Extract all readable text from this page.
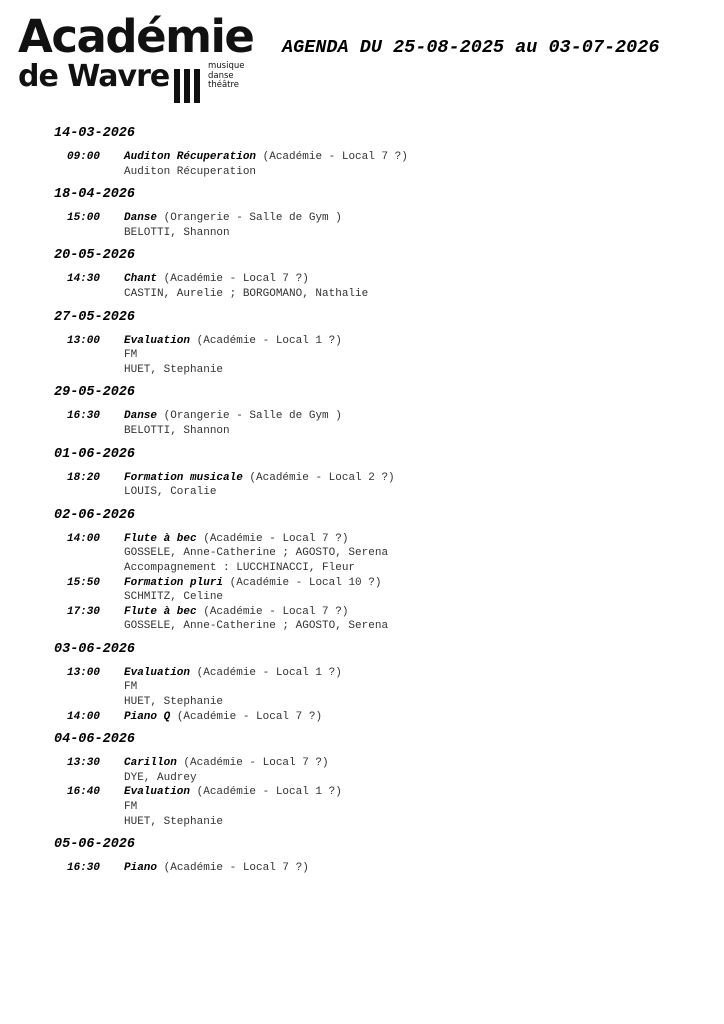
Académie
de Wavre	musique
danse
théâtre
AGENDA DU 25-08-2025 au 03-07-2026
14-03-2026
09:00	Auditon Récuperation (Académie - Local 7 ?)
Auditon Récuperation
18-04-2026
15:00	Danse (Orangerie - Salle de Gym )
BELOTTI, Shannon
20-05-2026
14:30	Chant (Académie - Local 7 ?)
CASTIN, Aurelie ; BORGOMANO, Nathalie
27-05-2026
13:00	Evaluation (Académie - Local 1 ?)
FM
HUET, Stephanie
29-05-2026
16:30	Danse (Orangerie - Salle de Gym )
BELOTTI, Shannon
01-06-2026
18:20	Formation musicale (Académie - Local 2 ?)
LOUIS, Coralie
02-06-2026
14:00	Flute à bec (Académie - Local 7 ?)
GOSSELE, Anne-Catherine ; AGOSTO, Serena
Accompagnement : LUCCHINACCI, Fleur
15:50	Formation pluri (Académie - Local 10 ?)
SCHMITZ, Celine
17:30	Flute à bec (Académie - Local 7 ?)
GOSSELE, Anne-Catherine ; AGOSTO, Serena
03-06-2026
13:00	Evaluation (Académie - Local 1 ?)
FM
HUET, Stephanie
14:00	Piano Q (Académie - Local 7 ?)
04-06-2026
13:30	Carillon (Académie - Local 7 ?)
DYE, Audrey
16:40	Evaluation (Académie - Local 1 ?)
FM
HUET, Stephanie
05-06-2026
16:30	Piano (Académie - Local 7 ?)
